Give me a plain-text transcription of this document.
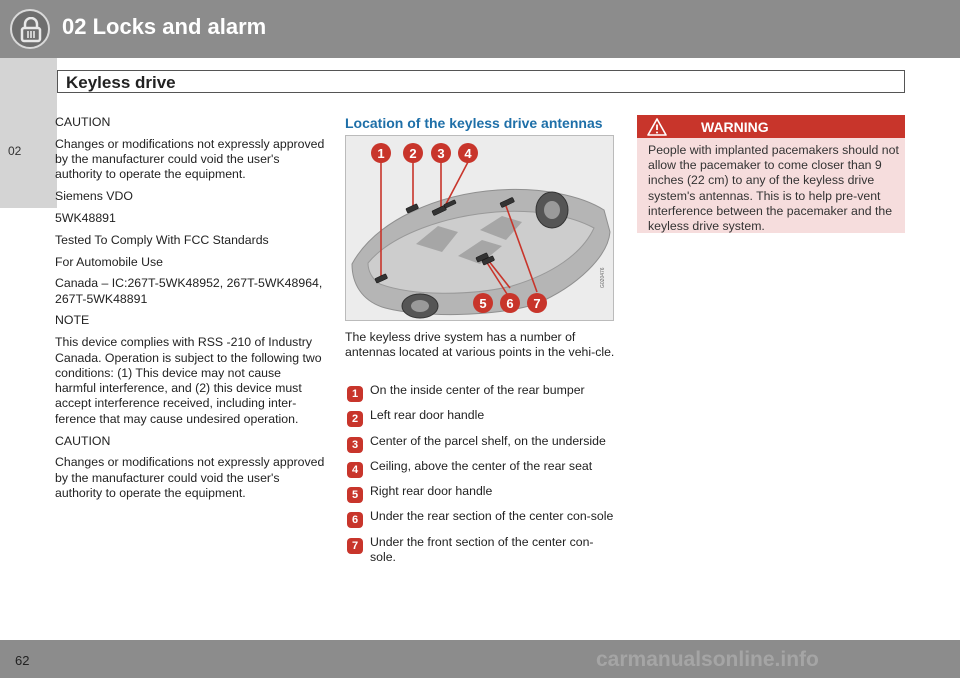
02 Locks and alarm
02
Keyless drive

CAUTION

Changes or modifications not expressly approved by the manufacturer could void the user's authority to operate the equipment.

Siemens VDO

5WK48891

Tested To Comply With FCC Standards

For Automobile Use

Canada – IC:267T-5WK48952, 267T-5WK48964, 267T-5WK48891

NOTE

This device complies with RSS -210 of Industry Canada. Operation is subject to the following two conditions: (1) This device may not cause harmful interference, and (2) this device must accept interference received, including inter-ference that may cause undesired operation.

CAUTION

Changes or modifications not expressly approved by the manufacturer could void the user's authority to operate the equipment.

Location of the keyless drive antennas
1 2 3 4
5 6 7
G020476
The keyless drive system has a number of antennas located at various points in the vehi-cle.
1 On the inside center of the rear bumper
2 Left rear door handle
3 Center of the parcel shelf, on the underside
4 Ceiling, above the center of the rear seat
5 Right rear door handle
6 Under the rear section of the center con-sole
7 Under the front section of the center con-sole.
WARNING
People with implanted pacemakers should not allow the pacemaker to come closer than 9 inches (22 cm) to any of the keyless drive system's antennas. This is to help pre-vent interference between the pacemaker and the keyless drive system.
62	carmanualsonline.info
